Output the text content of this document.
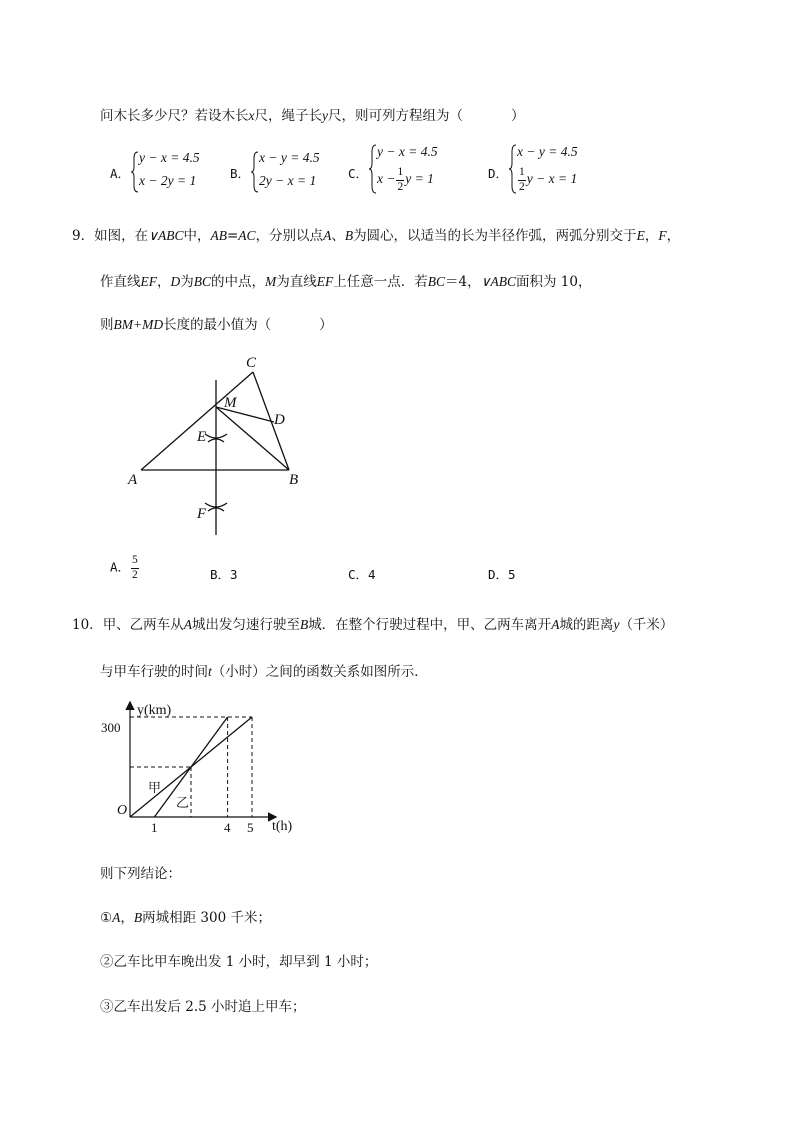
问木长多少尺？若设木长x尺，绳子长y尺，则可列方程组为（	）
A．
y − x = 4.5
x − 2y = 1	B．
x − y = 4.5
2y − x = 1	C．
y − x = 4.5
$x - \frac{1}{2}$ y = 1	D．
x − y = 4.5
$\frac{1}{2}$ y − x = 1
9．如图，在∨ABC中，AB=AC，分别以点A、B为圆心，以适当的长为半径作弧，两弧分别交于E，F，
作直线EF，D为BC的中点，M为直线EF上任意一点．若BC＝4，∨ABC面积为 10，
则BM+MD长度的最小值为（	）
C
M
D
E
A	B
F
A． $\frac{5}{2}$	B．3	C．4	D．5
10．甲、乙两车从A城出发匀速行驶至B城．在整个行驶过程中，甲、乙两车离开A城的距离y（千米）
与甲车行驶的时间t（小时）之间的函数关系如图所示．
y(km)
t(h)
O
300
1	4 5
甲
乙
则下列结论：
①A，B两城相距 300 千米；
②乙车比甲车晚出发 1 小时，却早到 1 小时；
③乙车出发后 2.5 小时追上甲车；
